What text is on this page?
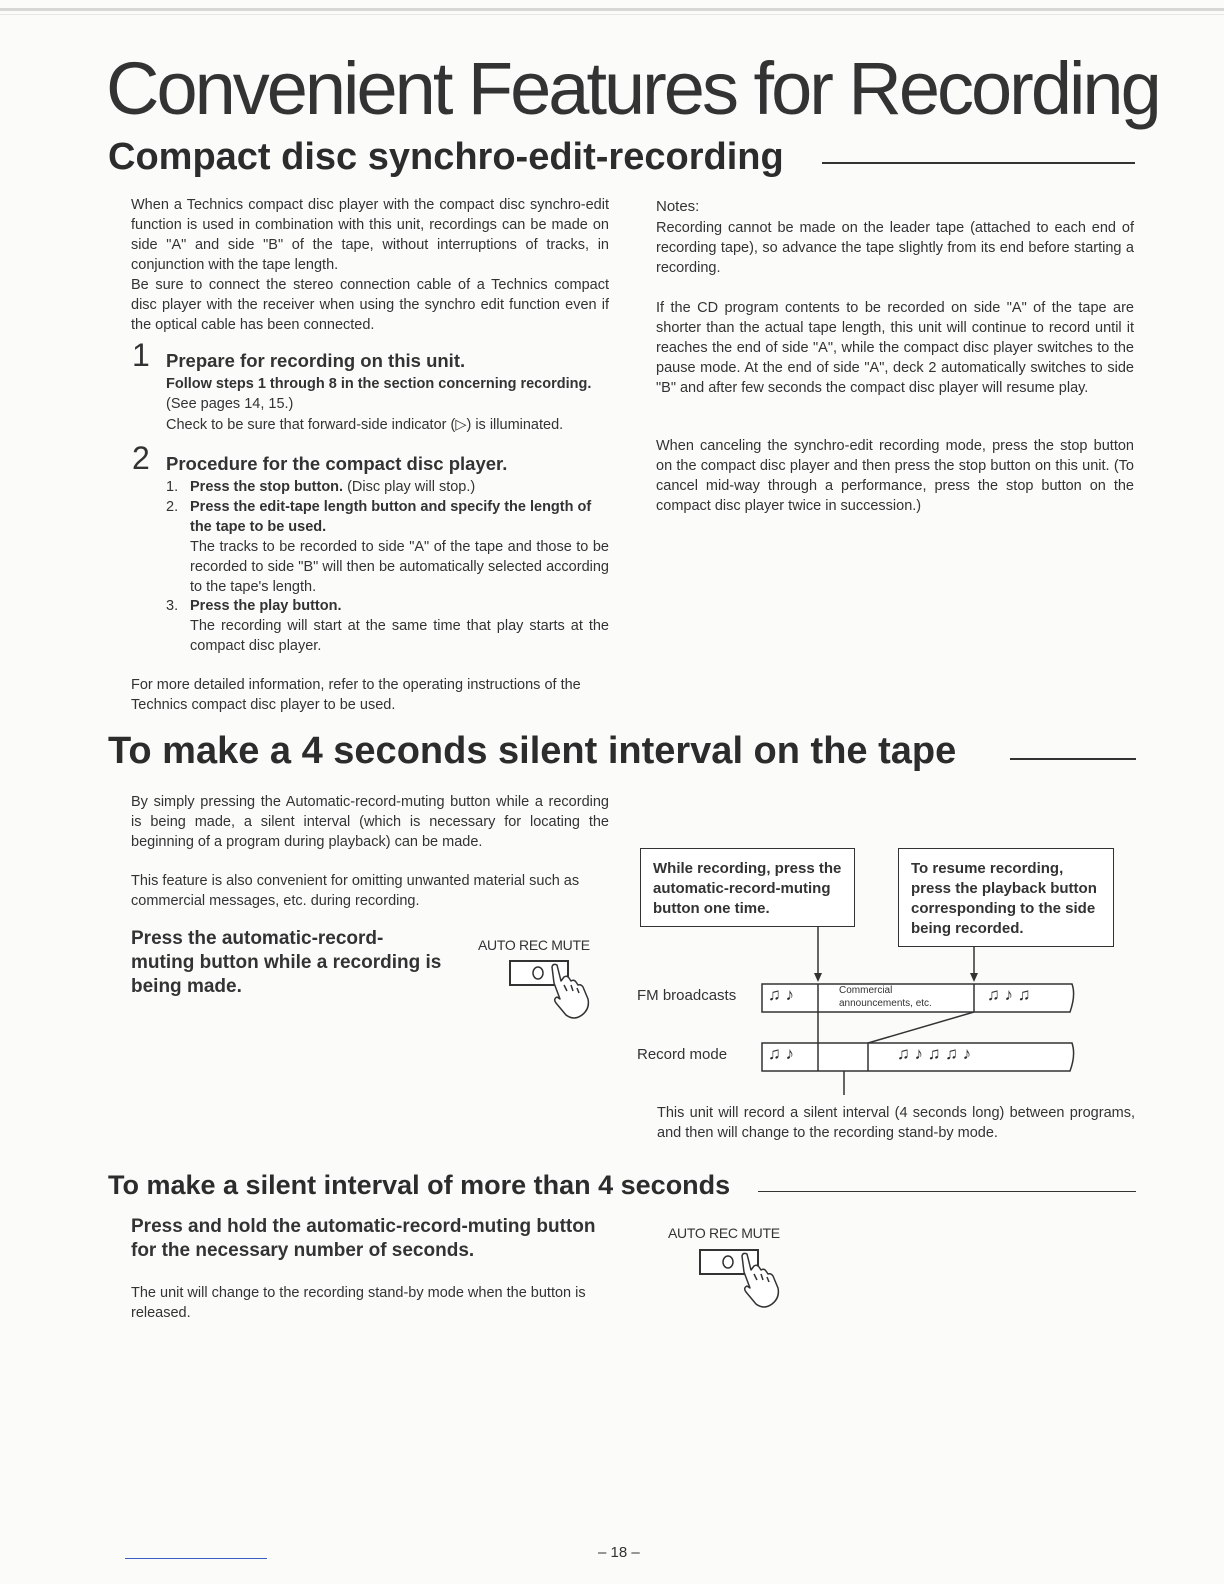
Convenient Features for Recording
Compact disc synchro-edit-recording
When a Technics compact disc player with the compact disc synchro-edit function is used in combination with this unit, recordings can be made on side "A" and side "B" of the tape, without interruptions of tracks, in conjunction with the tape length.
Be sure to connect the stereo connection cable of a Technics compact disc player with the receiver when using the synchro edit function even if the optical cable has been connected.
1 Prepare for recording on this unit.
Follow steps 1 through 8 in the section concerning recording. (See pages 14, 15.)
Check to be sure that forward-side indicator (▷) is illuminated.
2 Procedure for the compact disc player.
1. Press the stop button. (Disc play will stop.)
2. Press the edit-tape length button and specify the length of the tape to be used.
The tracks to be recorded to side "A" of the tape and those to be recorded to side "B" will then be automatically selected according to the tape's length.
3. Press the play button.
The recording will start at the same time that play starts at the compact disc player.
For more detailed information, refer to the operating instructions of the Technics compact disc player to be used.
Notes:
Recording cannot be made on the leader tape (attached to each end of recording tape), so advance the tape slightly from its end before starting a recording.
If the CD program contents to be recorded on side "A" of the tape are shorter than the actual tape length, this unit will continue to record until it reaches the end of side "A", while the compact disc player switches to the pause mode. At the end of side "A", deck 2 automatically switches to side "B" and after few seconds the compact disc player will resume play.
When canceling the synchro-edit recording mode, press the stop button on the compact disc player and then press the stop button on this unit. (To cancel mid-way through a performance, press the stop button on the compact disc player twice in succession.)
To make a 4 seconds silent interval on the tape
By simply pressing the Automatic-record-muting button while a recording is being made, a silent interval (which is necessary for locating the beginning of a program during playback) can be made.
This feature is also convenient for omitting unwanted material such as commercial messages, etc. during recording.
Press the automatic-record-muting button while a recording is being made.
AUTO REC MUTE
While recording, press the automatic-record-muting button one time.
To resume recording, press the playback button corresponding to the side being recorded.
FM broadcasts
Record mode
♫ ♪	Commercial
announcements, etc.	♫ ♪ ♫
♫ ♪	♫ ♪ ♫ ♫ ♪
This unit will record a silent interval (4 seconds long) between programs, and then will change to the recording stand-by mode.
To make a silent interval of more than 4 seconds
Press and hold the automatic-record-muting button for the necessary number of seconds.
The unit will change to the recording stand-by mode when the button is released.
AUTO REC MUTE
– 18 –
